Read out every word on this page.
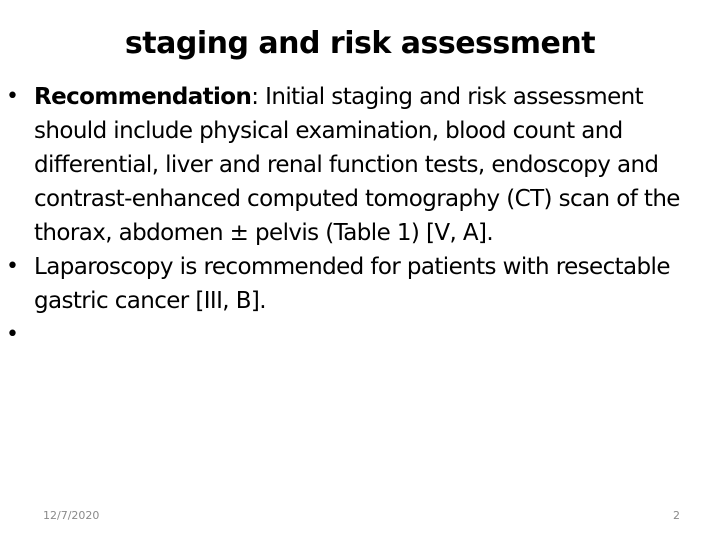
staging and risk assessment
• Recommendation: Initial staging and risk assessment should include physical examination, blood count and differential, liver and renal function tests, endoscopy and contrast-enhanced computed tomography (CT) scan of the thorax, abdomen ± pelvis (Table 1) [V, A].
• Laparoscopy is recommended for patients with resectable gastric cancer [III, B].
•
12/7/2020	2
